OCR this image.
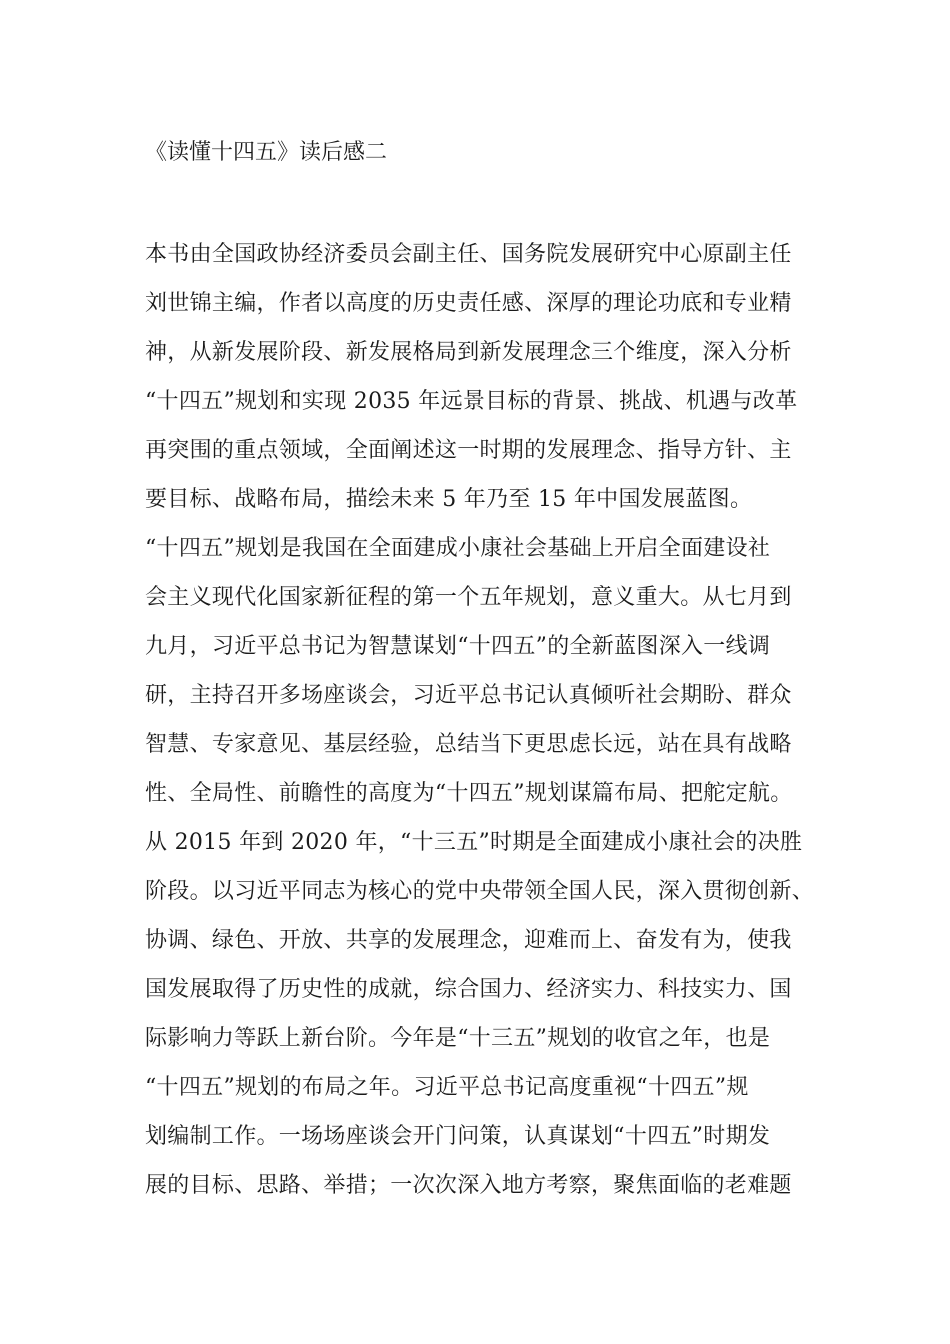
《读懂十四五》读后感二
本书由全国政协经济委员会副主任、国务院发展研究中心原副主任
刘世锦主编，作者以高度的历史责任感、深厚的理论功底和专业精
神，从新发展阶段、新发展格局到新发展理念三个维度，深入分析
“十四五”规划和实现 2035 年远景目标的背景、挑战、机遇与改革
再突围的重点领域，全面阐述这一时期的发展理念、指导方针、主
要目标、战略布局，描绘未来 5 年乃至 15 年中国发展蓝图。
“十四五”规划是我国在全面建成小康社会基础上开启全面建设社
会主义现代化国家新征程的第一个五年规划，意义重大。从七月到
九月，习近平总书记为智慧谋划“十四五”的全新蓝图深入一线调
研，主持召开多场座谈会，习近平总书记认真倾听社会期盼、群众
智慧、专家意见、基层经验，总结当下更思虑长远，站在具有战略
性、全局性、前瞻性的高度为“十四五”规划谋篇布局、把舵定航。
从 2015 年到 2020 年，“十三五”时期是全面建成小康社会的决胜
阶段。以习近平同志为核心的党中央带领全国人民，深入贯彻创新、
协调、绿色、开放、共享的发展理念，迎难而上、奋发有为，使我
国发展取得了历史性的成就，综合国力、经济实力、科技实力、国
际影响力等跃上新台阶。今年是“十三五”规划的收官之年，也是
“十四五”规划的布局之年。习近平总书记高度重视“十四五”规
划编制工作。一场场座谈会开门问策，认真谋划“十四五”时期发
展的目标、思路、举措；一次次深入地方考察，聚焦面临的老难题
